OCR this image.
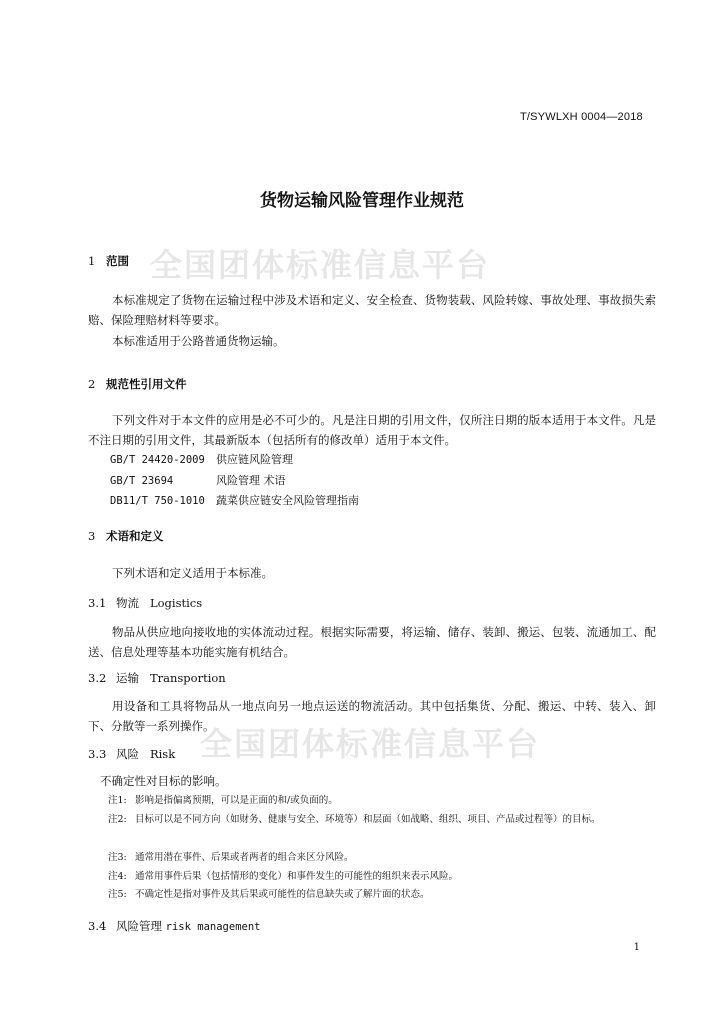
T/SYWLXH 0004—2018
货物运输风险管理作业规范
全国团体标准信息平台
全国团体标准信息平台
1 范围
本标准规定了货物在运输过程中涉及术语和定义、安全检查、货物装载、风险转嫁、事故处理、事故损失索赔、保险理赔材料等要求。
本标准适用于公路普通货物运输。
2 规范性引用文件
下列文件对于本文件的应用是必不可少的。凡是注日期的引用文件，仅所注日期的版本适用于本文件。凡是不注日期的引用文件，其最新版本（包括所有的修改单）适用于本文件。
GB/T 24420-2009 供应链风险管理
GB/T 23694	风险管理 术语
DB11/T 750-1010 蔬菜供应链安全风险管理指南
3 术语和定义
下列术语和定义适用于本标准。
3.1 物流 Logistics
物品从供应地向接收地的实体流动过程。根据实际需要，将运输、储存、装卸、搬运、包装、流通加工、配送、信息处理等基本功能实施有机结合。
3.2 运输 Transportion
用设备和工具将物品从一地点向另一地点运送的物流活动。其中包括集货、分配、搬运、中转、装入、卸下、分散等一系列操作。
3.3 风险 Risk
不确定性对目标的影响。
注1: 影响是指偏离预期，可以是正面的和/或负面的。
注2: 目标可以是不同方向（如财务、健康与安全、环境等）和层面（如战略、组织、项目、产品或过程等）的目标。
注3: 通常用潜在事件、后果或者两者的组合来区分风险。
注4: 通常用事件后果（包括情形的变化）和事件发生的可能性的组织来表示风险。
注5: 不确定性是指对事件及其后果或可能性的信息缺失或了解片面的状态。
3.4 风险管理 risk management
1
